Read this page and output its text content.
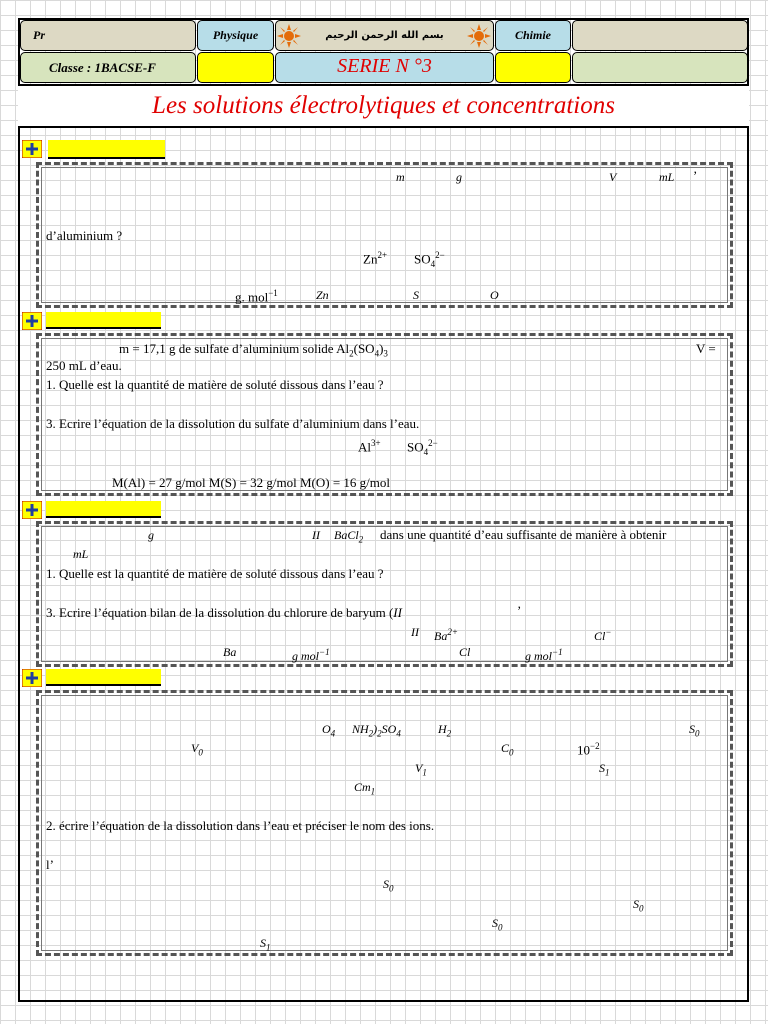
Pr	Physique	بسم الله الرحمن الرحيم	Chimie
Classe : 1BACSE-F	SERIE N °3
Les solutions électrolytiques et concentrations
m	g	V	mL ’
d’aluminium ?
$Zn^{2+}$ $SO_4^{2-}$
g. mol$^{-1}$	Zn	S	O
m = 17,1 g de sulfate d’aluminium solide $Al_2(SO_4)_3$	V =
250 mL d’eau.
1. Quelle est la quantité de matière de soluté dissous dans l’eau ?
3. Ecrire l’équation de la dissolution du sulfate d’aluminium dans l’eau.
$Al^{3+}$ $SO_4^{2-}$
M(Al) = 27 g/mol M(S) = 32 g/mol M(O) = 16 g/mol
g	II BaCl$_2$ dans une quantité d’eau suffisante de manière à obtenir
mL
1. Quelle est la quantité de matière de soluté dissous dans l’eau ?
3. Ecrire l’équation bilan de la dissolution du chlorure de baryum (II	’
II $Ba^{2+}$	Cl−
Ba	g mol$^{-1}$	Cl	g mol$^{-1}$
$O_4$ $NH_2)_2SO_4$	$H_2$	$S_0$
$V_0$	$C_0$	$10^{-2}$
$V_1$	$S_1$
$Cm_1$
2. écrire l’équation de la dissolution dans l’eau et préciser le nom des ions.
l’
$S_0$
$S_0$
$S_0$
$S_1$
